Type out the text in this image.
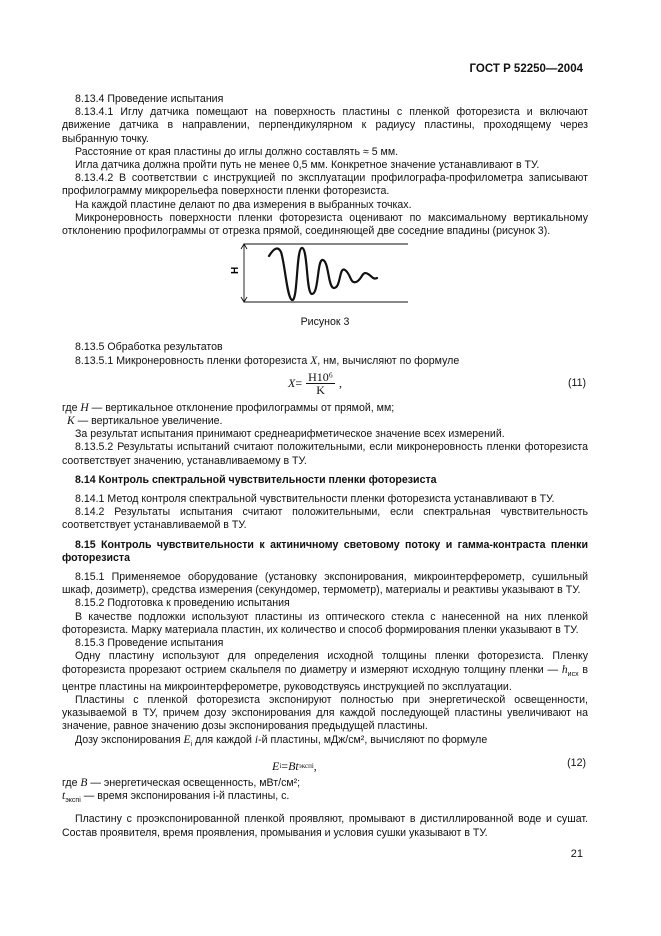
ГОСТ Р 52250—2004

8.13.4 Проведение испытания

8.13.4.1 Иглу датчика помещают на поверхность пластины с пленкой фоторезиста и включают движение датчика в направлении, перпендикулярном к радиусу пластины, проходящему через выбранную точку.

Расстояние от края пластины до иглы должно составлять ≈ 5 мм.

Игла датчика должна пройти путь не менее 0,5 мм. Конкретное значение устанавливают в ТУ.

8.13.4.2 В соответствии с инструкцией по эксплуатации профилографа-профилометра записывают профилограмму микрорельефа поверхности пленки фоторезиста.

На каждой пластине делают по два измерения в выбранных точках.

Микронеровность поверхности пленки фоторезиста оценивают по максимальному вертикальному отклонению профилограммы от отрезка прямой, соединяющей две соседние впадины (рисунок 3).

H

Рисунок 3

8.13.5 Обработка результатов

8.13.5.1 Микронеровность пленки фоторезиста X, нм, вычисляют по формуле

$X = \frac{\text{H10⁶}}{K}$ ,	(11)

где H — вертикальное отклонение профилограммы от прямой, мм;

K — вертикальное увеличение.

За результат испытания принимают среднеарифметическое значение всех измерений.

8.13.5.2 Результаты испытаний считают положительными, если микронеровность пленки фоторезиста соответствует значению, устанавливаемому в ТУ.

8.14 Контроль спектральной чувствительности пленки фоторезиста

8.14.1 Метод контроля спектральной чувствительности пленки фоторезиста устанавливают в ТУ.

8.14.2 Результаты испытания считают положительными, если спектральная чувствительность соответствует устанавливаемой в ТУ.

8.15 Контроль чувствительности к актиничному световому потоку и гамма-контраста пленки фоторезиста

8.15.1 Применяемое оборудование (установку экспонирования, микроинтерферометр, сушильный шкаф, дозиметр), средства измерения (секундомер, термометр), материалы и реактивы указывают в ТУ.

8.15.2 Подготовка к проведению испытания

В качестве подложки используют пластины из оптического стекла с нанесенной на них пленкой фоторезиста. Марку материала пластин, их количество и способ формирования пленки указывают в ТУ.

8.15.3 Проведение испытания

Одну пластину используют для определения исходной толщины пленки фоторезиста. Пленку фоторезиста прорезают острием скальпеля по диаметру и измеряют исходную толщину пленки — $h_{исх}$ в центре пластины на микроинтерферометре, руководствуясь инструкцией по эксплуатации.

Пластины с пленкой фоторезиста экспонируют полностью при энергетической освещенности, указываемой в ТУ, причем дозу экспонирования для каждой последующей пластины увеличивают на значение, равное значению дозы экспонирования предыдущей пластины.

Дозу экспонирования $E_i$ для каждой i-й пластины, мДж/см², вычисляют по формуле

E i = Bt экспi ,	(12)

где B — энергетическая освещенность, мВт/см²;

$t_{экспi}$ — время экспонирования i-й пластины, с.

Пластину с проэкспонированной пленкой проявляют, промывают в дистиллированной воде и сушат. Состав проявителя, время проявления, промывания и условия сушки указывают в ТУ.

21
